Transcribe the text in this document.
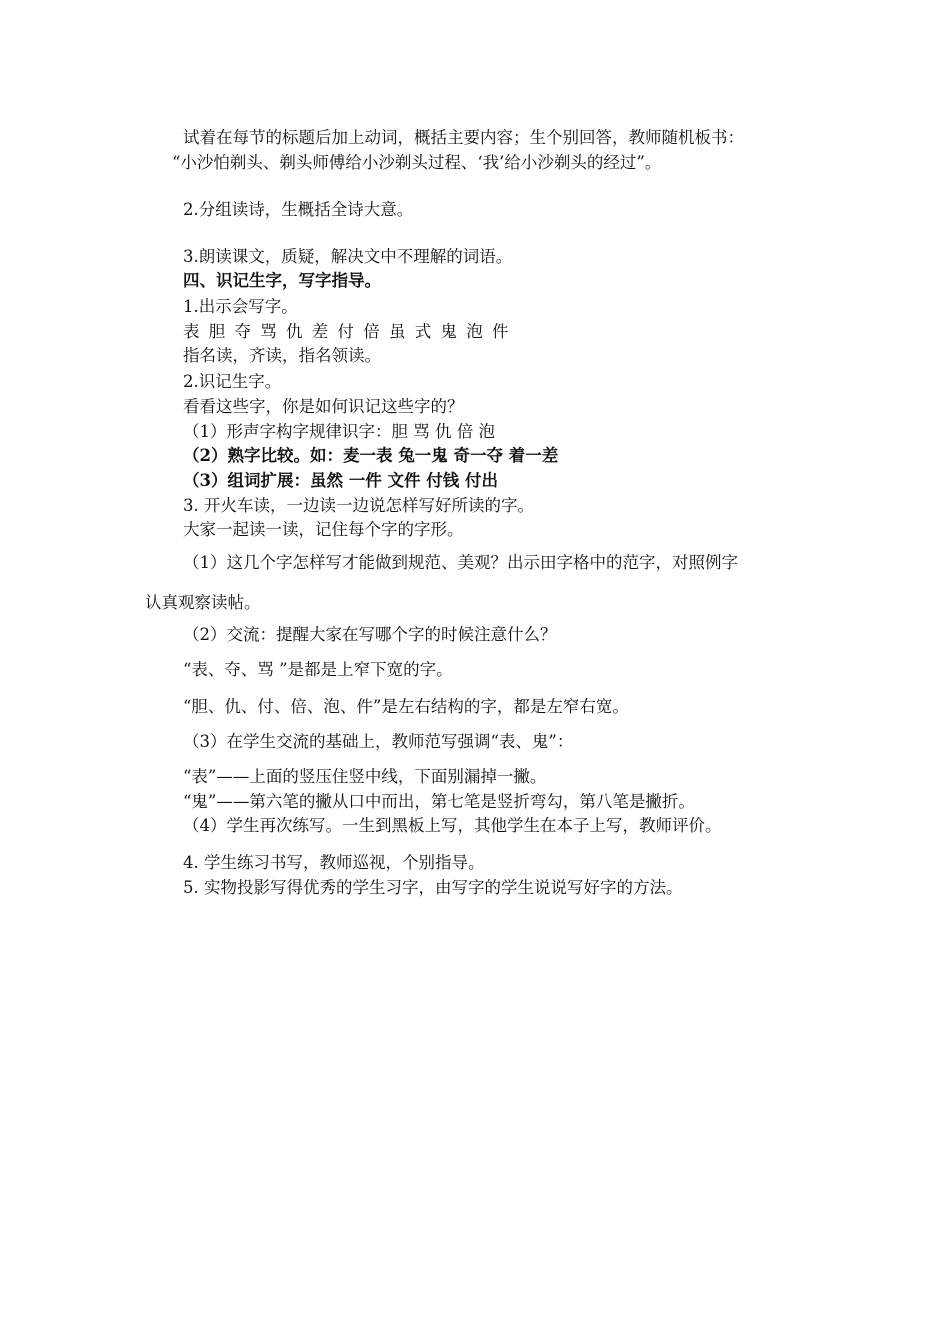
试着在每节的标题后加上动词，概括主要内容；生个别回答，教师随机板书：
“小沙怕剃头、剃头师傅给小沙剃头过程、‘我’给小沙剃头的经过”。
2.分组读诗，生概括全诗大意。
3.朗读课文，质疑，解决文中不理解的词语。
四、识记生字，写字指导。
1.出示会写字。
表 胆 夺 骂 仇 差 付 倍 虽 式 鬼 泡 件
指名读，齐读，指名领读。
2.识记生字。
看看这些字，你是如何识记这些字的？
（1）形声字构字规律识字：胆 骂 仇 倍 泡
（2）熟字比较。如：麦一表 兔一鬼 奇一夺 着一差
（3）组词扩展：虽然 一件 文件 付钱 付出
3. 开火车读，一边读一边说怎样写好所读的字。
大家一起读一读，记住每个字的字形。
（1）这几个字怎样写才能做到规范、美观？出示田字格中的范字，对照例字
认真观察读帖。
（2）交流：提醒大家在写哪个字的时候注意什么？
“表、夺、骂 ”是都是上窄下宽的字。
“胆、仇、付、倍、泡、件”是左右结构的字，都是左窄右宽。
（3）在学生交流的基础上，教师范写强调“表、鬼”：
“表”——上面的竖压住竖中线，下面别漏掉一撇。
“鬼”——第六笔的撇从口中而出，第七笔是竖折弯勾，第八笔是撇折。
（4）学生再次练写。一生到黑板上写，其他学生在本子上写，教师评价。
4. 学生练习书写，教师巡视，个别指导。
5. 实物投影写得优秀的学生习字，由写字的学生说说写好字的方法。
